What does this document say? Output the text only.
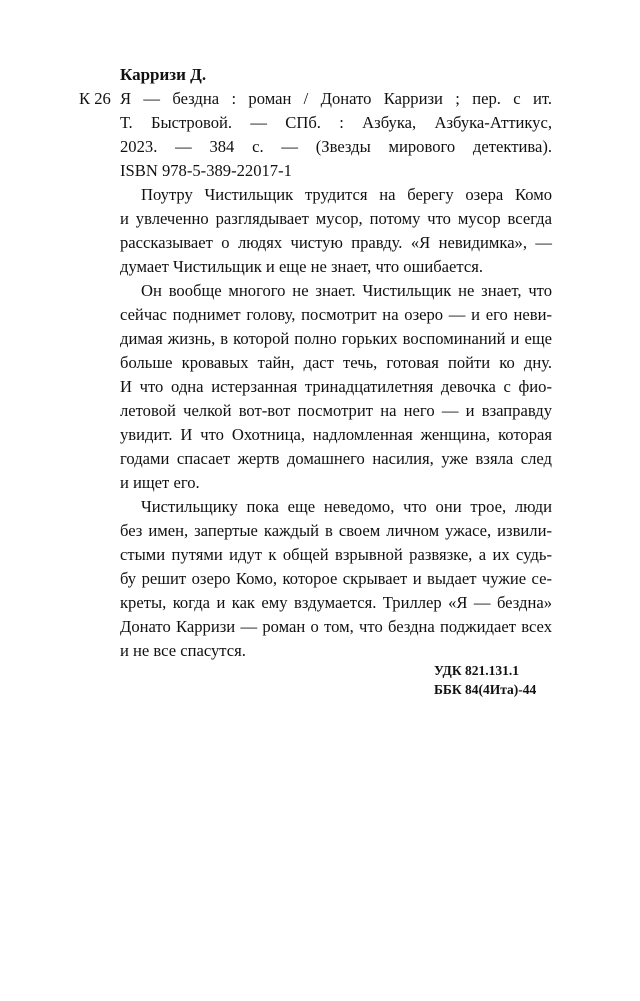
Карризи Д.

К 26 Я — бездна : роман / Донато Карризи ; пер. с ит.

Т. Быстровой. — СПб. : Азбука, Азбука-Аттикус,

2023. — 384 с. — (Звезды мирового детектива).

ISBN 978-5-389-22017-1

Поутру Чистильщик трудится на берегу озера Комо

и увлеченно разглядывает мусор, потому что мусор всегда

рассказывает о людях чистую правду. «Я невидимка», —

думает Чистильщик и еще не знает, что ошибается.

Он вообще многого не знает. Чистильщик не знает, что

сейчас поднимет голову, посмотрит на озеро — и его неви-

димая жизнь, в которой полно горьких воспоминаний и еще

больше кровавых тайн, даст течь, готовая пойти ко дну.

И что одна истерзанная тринадцатилетняя девочка с фио-

летовой челкой вот-вот посмотрит на него — и взаправду

увидит. И что Охотница, надломленная женщина, которая

годами спасает жертв домашнего насилия, уже взяла след

и ищет его.

Чистильщику пока еще неведомо, что они трое, люди

без имен, запертые каждый в своем личном ужасе, извили-

стыми путями идут к общей взрывной развязке, а их судь-

бу решит озеро Комо, которое скрывает и выдает чужие се-

креты, когда и как ему вздумается. Триллер «Я — бездна»

Донато Карризи — роман о том, что бездна поджидает всех

и не все спасутся.

УДК 821.131.1

ББК 84(4Ита)-44
